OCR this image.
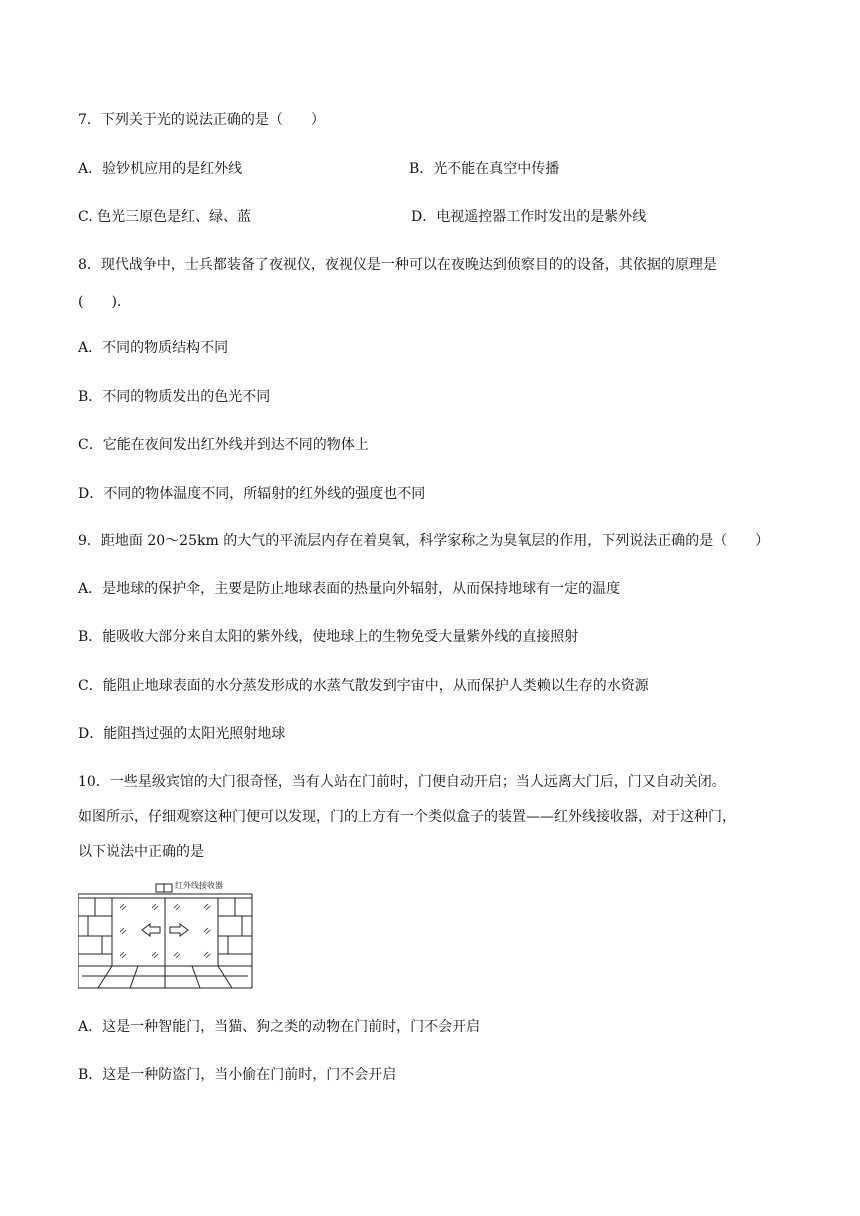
7．下列关于光的说法正确的是（　　）
A．验钞机应用的是红外线	B．光不能在真空中传播
C. 色光三原色是红、绿、蓝	D．电视遥控器工作时发出的是紫外线
8．现代战争中，士兵都装备了夜视仪，夜视仪是一种可以在夜晚达到侦察目的的设备，其依据的原理是
(　　).
A．不同的物质结构不同
B．不同的物质发出的色光不同
C．它能在夜间发出红外线并到达不同的物体上
D．不同的物体温度不同，所辐射的红外线的强度也不同
9．距地面 20～25km 的大气的平流层内存在着臭氧，科学家称之为臭氧层的作用，下列说法正确的是（　　）
A．是地球的保护伞，主要是防止地球表面的热量向外辐射，从而保持地球有一定的温度
B．能吸收大部分来自太阳的紫外线，使地球上的生物免受大量紫外线的直接照射
C．能阻止地球表面的水分蒸发形成的水蒸气散发到宇宙中，从而保护人类赖以生存的水资源
D．能阻挡过强的太阳光照射地球
10．一些星级宾馆的大门很奇怪，当有人站在门前时，门便自动开启；当人远离大门后，门又自动关闭。
如图所示，仔细观察这种门便可以发现，门的上方有一个类似盒子的装置——红外线接收器，对于这种门，
以下说法中正确的是
红外线接收器
A．这是一种智能门，当猫、狗之类的动物在门前时，门不会开启
B．这是一种防盗门，当小偷在门前时，门不会开启
